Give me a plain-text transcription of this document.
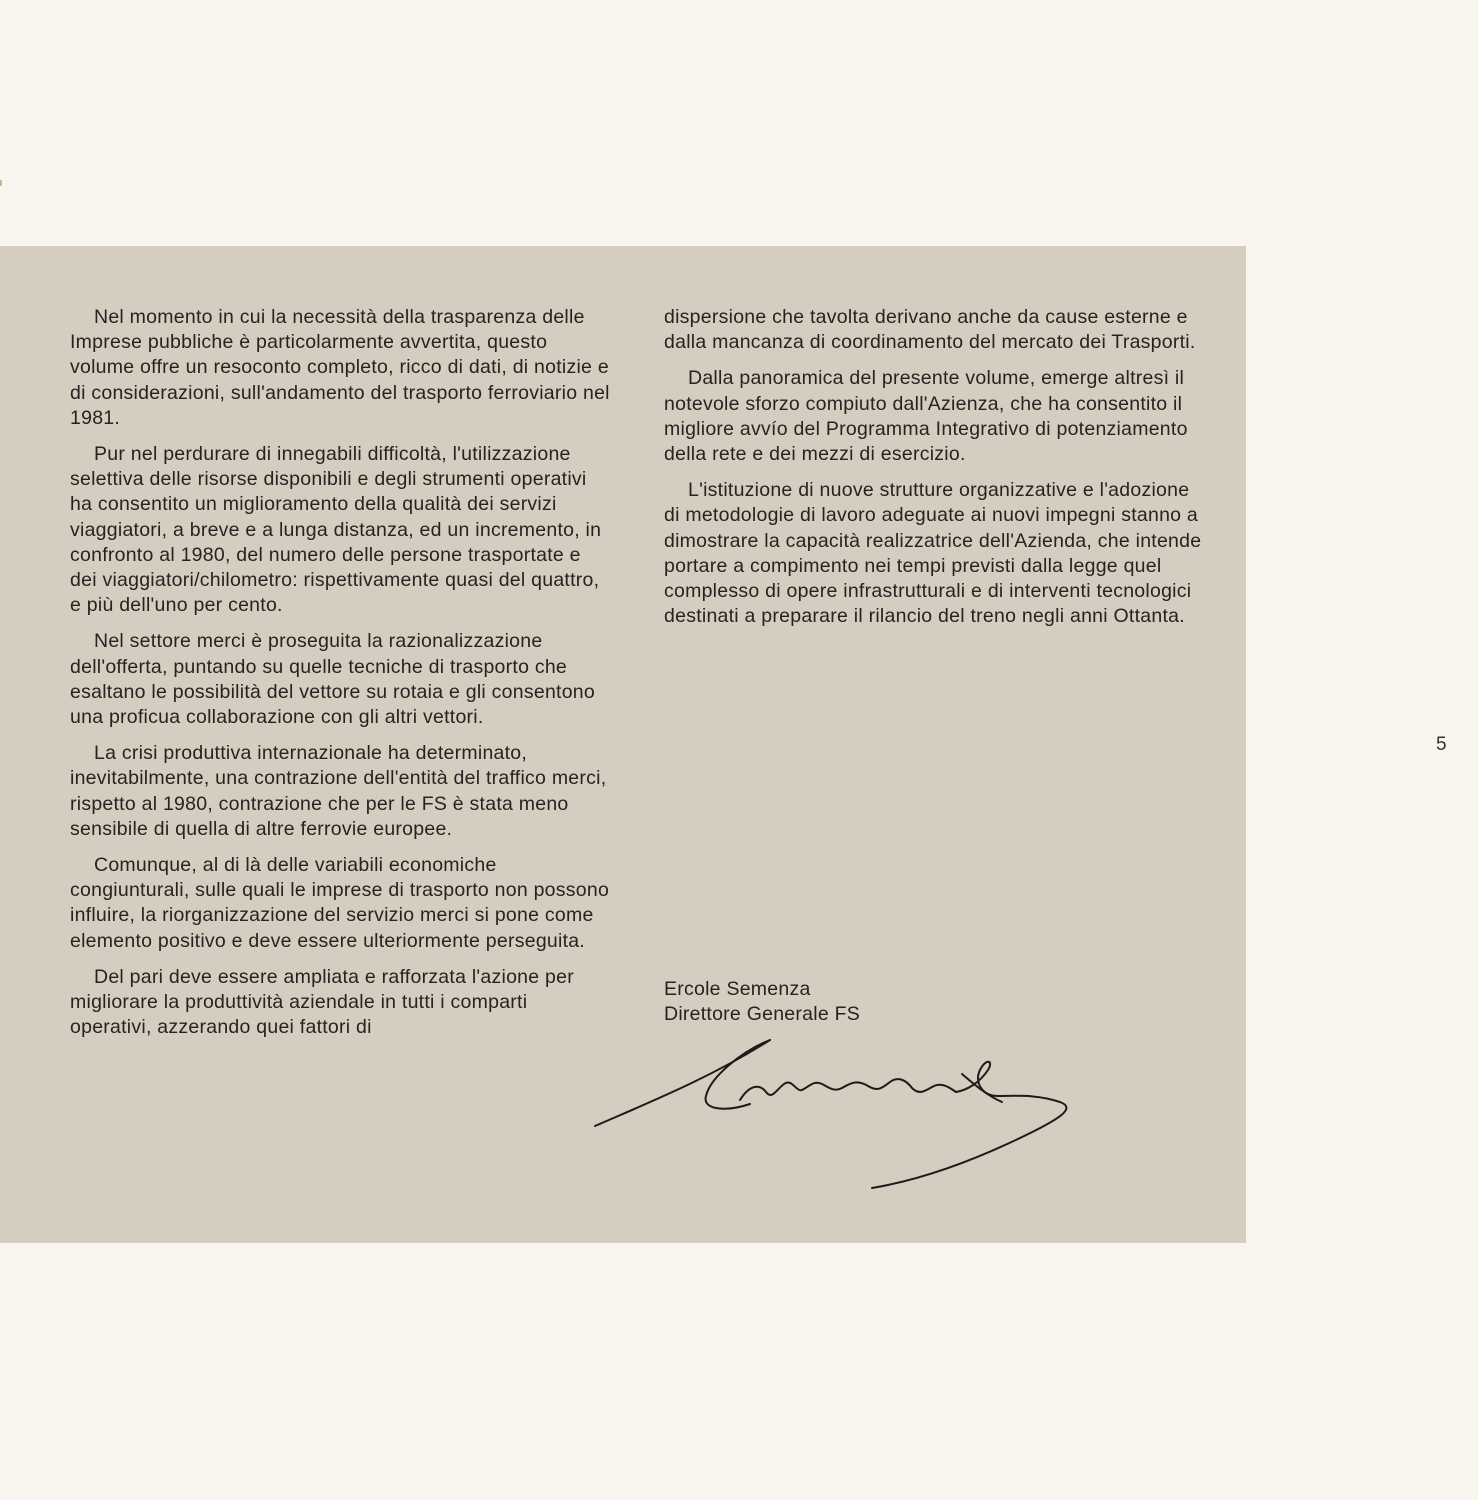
Nel momento in cui la necessità della trasparenza delle Imprese pubbliche è particolarmente avvertita, questo volume offre un resoconto completo, ricco di dati, di notizie e di considerazioni, sull'andamento del trasporto ferroviario nel 1981.

Pur nel perdurare di innegabili difficoltà, l'utilizzazione selettiva delle risorse disponibili e degli strumenti operativi ha consentito un miglioramento della qualità dei servizi viaggiatori, a breve e a lunga distanza, ed un incremento, in confronto al 1980, del numero delle persone trasportate e dei viaggiatori/chilometro: rispettivamente quasi del quattro, e più dell'uno per cento.

Nel settore merci è proseguita la razionalizzazione dell'offerta, puntando su quelle tecniche di trasporto che esaltano le possibilità del vettore su rotaia e gli consentono una proficua collaborazione con gli altri vettori.

La crisi produttiva internazionale ha determinato, inevitabilmente, una contrazione dell'entità del traffico merci, rispetto al 1980, contrazione che per le FS è stata meno sensibile di quella di altre ferrovie europee.

Comunque, al di là delle variabili economiche congiunturali, sulle quali le imprese di trasporto non possono influire, la riorganizzazione del servizio merci si pone come elemento positivo e deve essere ulteriormente perseguita.

Del pari deve essere ampliata e rafforzata l'azione per migliorare la produttività aziendale in tutti i comparti operativi, azzerando quei fattori di

dispersione che tavolta derivano anche da cause esterne e dalla mancanza di coordinamento del mercato dei Trasporti.

Dalla panoramica del presente volume, emerge altresì il notevole sforzo compiuto dall'Azienza, che ha consentito il migliore avvío del Programma Integrativo di potenziamento della rete e dei mezzi di esercizio.

L'istituzione di nuove strutture organizzative e l'adozione di metodologie di lavoro adeguate ai nuovi impegni stanno a dimostrare la capacità realizzatrice dell'Azienda, che intende portare a compimento nei tempi previsti dalla legge quel complesso di opere infrastrutturali e di interventi tecnologici destinati a preparare il rilancio del treno negli anni Ottanta.

Ercole Semenza
Direttore Generale FS
5
